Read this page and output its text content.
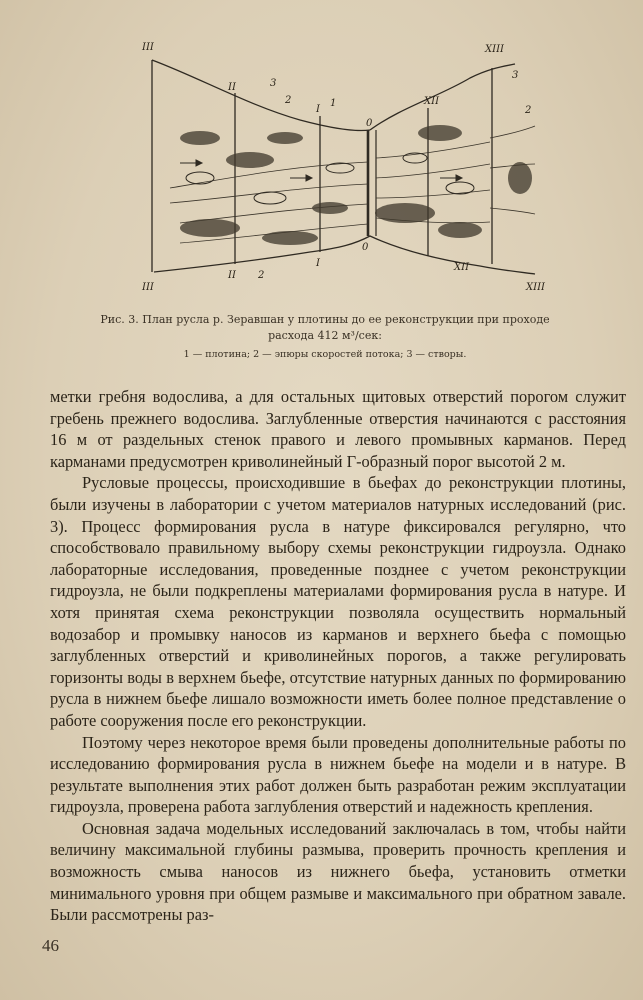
III
II
I
0
XII
XIII
3
2	1
3
2
II 2
I
0
XII
XIII
III
Рис. 3. План русла р. Зеравшан у плотины до ее реконструкции при проходе расхода 412 м³/сек:
1 — плотина; 2 — эпюры скоростей потока; 3 — створы.

метки гребня водослива, а для остальных щитовых отверстий порогом служит гребень прежнего водослива. Заглубленные отверстия начинаются с расстояния 16 м от раздельных стенок правого и левого промывных карманов. Перед карманами предусмотрен криволинейный Г-образный порог высотой 2 м.

Русловые процессы, происходившие в бьефах до реконструкции плотины, были изучены в лаборатории с учетом материалов натурных исследований (рис. 3). Процесс формирования русла в натуре фиксировался регулярно, что способствовало правильному выбору схемы реконструкции гидроузла. Однако лабораторные исследования, проведенные позднее с учетом реконструкции гидроузла, не были подкреплены материалами формирования русла в натуре. И хотя принятая схема реконструкции позволяла осуществить нормальный водозабор и промывку наносов из карманов и верхнего бьефа с помощью заглубленных отверстий и криволинейных порогов, а также регулировать горизонты воды в верхнем бьефе, отсутствие натурных данных по формированию русла в нижнем бьефе лишало возможности иметь более полное представление о работе сооружения после его реконструкции.

Поэтому через некоторое время были проведены дополнительные работы по исследованию формирования русла в нижнем бьефе на модели и в натуре. В результате выполнения этих работ должен быть разработан режим эксплуатации гидроузла, проверена работа заглубления отверстий и надежность крепления.

Основная задача модельных исследований заключалась в том, чтобы найти величину максимальной глубины размыва, проверить прочность крепления и возможность смыва наносов из нижнего бьефа, установить отметки минимального уровня при общем размыве и максимального при обратном завале. Были рассмотрены раз-

46
